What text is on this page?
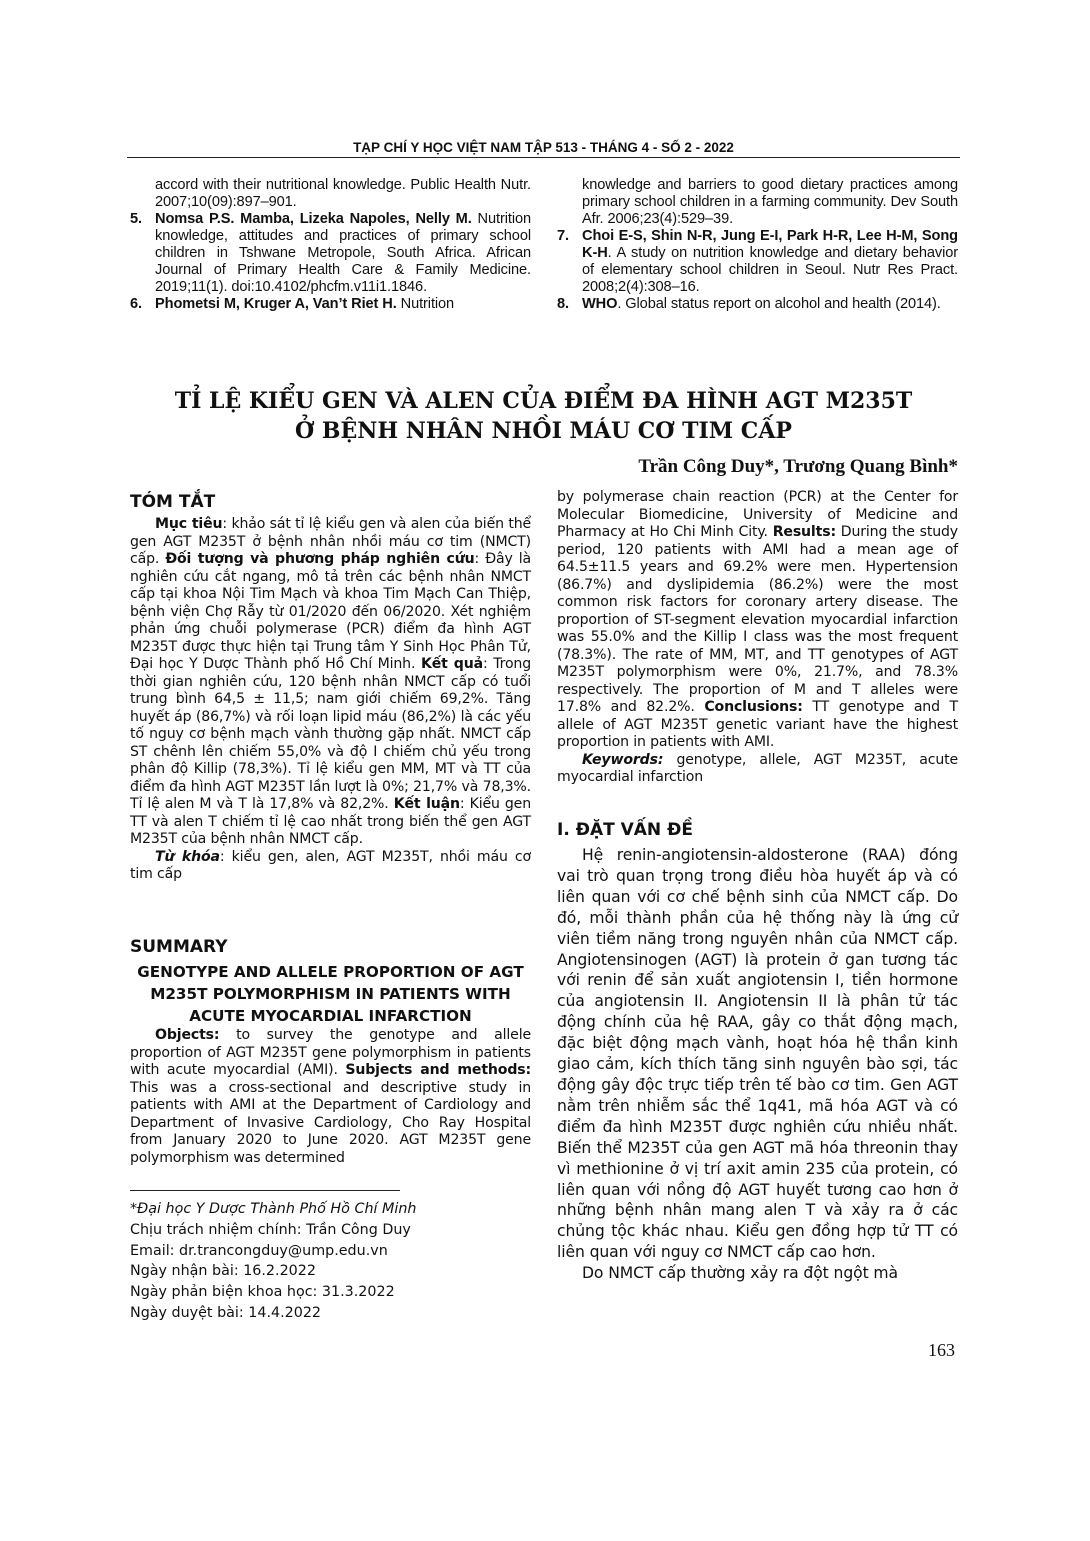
TẠP CHÍ Y HỌC VIỆT NAM TẬP 513 - THÁNG 4 - SỐ 2 - 2022

accord with their nutritional knowledge. Public Health Nutr. 2007;10(09):897–901.

5. Nomsa P.S. Mamba, Lizeka Napoles, Nelly M. Nutrition knowledge, attitudes and practices of primary school children in Tshwane Metropole, South Africa. African Journal of Primary Health Care & Family Medicine. 2019;11(1). doi:10.4102/phcfm.v11i1.1846.
6. Phometsi M, Kruger A, Van’t Riet H. Nutrition

knowledge and barriers to good dietary practices among primary school children in a farming community. Dev South Afr. 2006;23(4):529–39.

7. Choi E-S, Shin N-R, Jung E-I, Park H-R, Lee H-M, Song K-H. A study on nutrition knowledge and dietary behavior of elementary school children in Seoul. Nutr Res Pract. 2008;2(4):308–16.
8. WHO. Global status report on alcohol and health (2014).
TỈ LỆ KIỂU GEN VÀ ALEN CỦA ĐIỂM ĐA HÌNH AGT M235T
Ở BỆNH NHÂN NHỒI MÁU CƠ TIM CẤP
Trần Công Duy*, Trương Quang Bình*
TÓM TẮT

Mục tiêu: khảo sát tỉ lệ kiểu gen và alen của biến thể gen AGT M235T ở bệnh nhân nhồi máu cơ tim (NMCT) cấp. Đối tượng và phương pháp nghiên cứu: Đây là nghiên cứu cắt ngang, mô tả trên các bệnh nhân NMCT cấp tại khoa Nội Tim Mạch và khoa Tim Mạch Can Thiệp, bệnh viện Chợ Rẫy từ 01/2020 đến 06/2020. Xét nghiệm phản ứng chuỗi polymerase (PCR) điểm đa hình AGT M235T được thực hiện tại Trung tâm Y Sinh Học Phân Tử, Đại học Y Dược Thành phố Hồ Chí Minh. Kết quả: Trong thời gian nghiên cứu, 120 bệnh nhân NMCT cấp có tuổi trung bình 64,5 ± 11,5; nam giới chiếm 69,2%. Tăng huyết áp (86,7%) và rối loạn lipid máu (86,2%) là các yếu tố nguy cơ bệnh mạch vành thường gặp nhất. NMCT cấp ST chênh lên chiếm 55,0% và độ I chiếm chủ yếu trong phân độ Killip (78,3%). Tỉ lệ kiểu gen MM, MT và TT của điểm đa hình AGT M235T lần lượt là 0%; 21,7% và 78,3%. Tỉ lệ alen M và T là 17,8% và 82,2%. Kết luận: Kiểu gen TT và alen T chiếm tỉ lệ cao nhất trong biến thể gen AGT M235T của bệnh nhân NMCT cấp.

Từ khóa: kiểu gen, alen, AGT M235T, nhồi máu cơ tim cấp

SUMMARY
GENOTYPE AND ALLELE PROPORTION OF AGT M235T POLYMORPHISM IN PATIENTS WITH ACUTE MYOCARDIAL INFARCTION

Objects: to survey the genotype and allele proportion of AGT M235T gene polymorphism in patients with acute myocardial (AMI). Subjects and methods: This was a cross-sectional and descriptive study in patients with AMI at the Department of Cardiology and Department of Invasive Cardiology, Cho Ray Hospital from January 2020 to June 2020. AGT M235T gene polymorphism was determined

*Đại học Y Dược Thành Phố Hồ Chí Minh
Chịu trách nhiệm chính: Trần Công Duy
Email: dr.trancongduy@ump.edu.vn
Ngày nhận bài: 16.2.2022
Ngày phản biện khoa học: 31.3.2022
Ngày duyệt bài: 14.4.2022

by polymerase chain reaction (PCR) at the Center for Molecular Biomedicine, University of Medicine and Pharmacy at Ho Chi Minh City. Results: During the study period, 120 patients with AMI had a mean age of 64.5±11.5 years and 69.2% were men. Hypertension (86.7%) and dyslipidemia (86.2%) were the most common risk factors for coronary artery disease. The proportion of ST-segment elevation myocardial infarction was 55.0% and the Killip I class was the most frequent (78.3%). The rate of MM, MT, and TT genotypes of AGT M235T polymorphism were 0%, 21.7%, and 78.3% respectively. The proportion of M and T alleles were 17.8% and 82.2%. Conclusions: TT genotype and T allele of AGT M235T genetic variant have the highest proportion in patients with AMI.

Keywords: genotype, allele, AGT M235T, acute myocardial infarction

I. ĐẶT VẤN ĐỀ

Hệ renin-angiotensin-aldosterone (RAA) đóng vai trò quan trọng trong điều hòa huyết áp và có liên quan với cơ chế bệnh sinh của NMCT cấp. Do đó, mỗi thành phần của hệ thống này là ứng cử viên tiềm năng trong nguyên nhân của NMCT cấp. Angiotensinogen (AGT) là protein ở gan tương tác với renin để sản xuất angiotensin I, tiền hormone của angiotensin II. Angiotensin II là phân tử tác động chính của hệ RAA, gây co thắt động mạch, đặc biệt động mạch vành, hoạt hóa hệ thần kinh giao cảm, kích thích tăng sinh nguyên bào sợi, tác động gây độc trực tiếp trên tế bào cơ tim. Gen AGT nằm trên nhiễm sắc thể 1q41, mã hóa AGT và có điểm đa hình M235T được nghiên cứu nhiều nhất. Biến thể M235T của gen AGT mã hóa threonin thay vì methionine ở vị trí axit amin 235 của protein, có liên quan với nồng độ AGT huyết tương cao hơn ở những bệnh nhân mang alen T và xảy ra ở các chủng tộc khác nhau. Kiểu gen đồng hợp tử TT có liên quan với nguy cơ NMCT cấp cao hơn.

Do NMCT cấp thường xảy ra đột ngột mà

163
